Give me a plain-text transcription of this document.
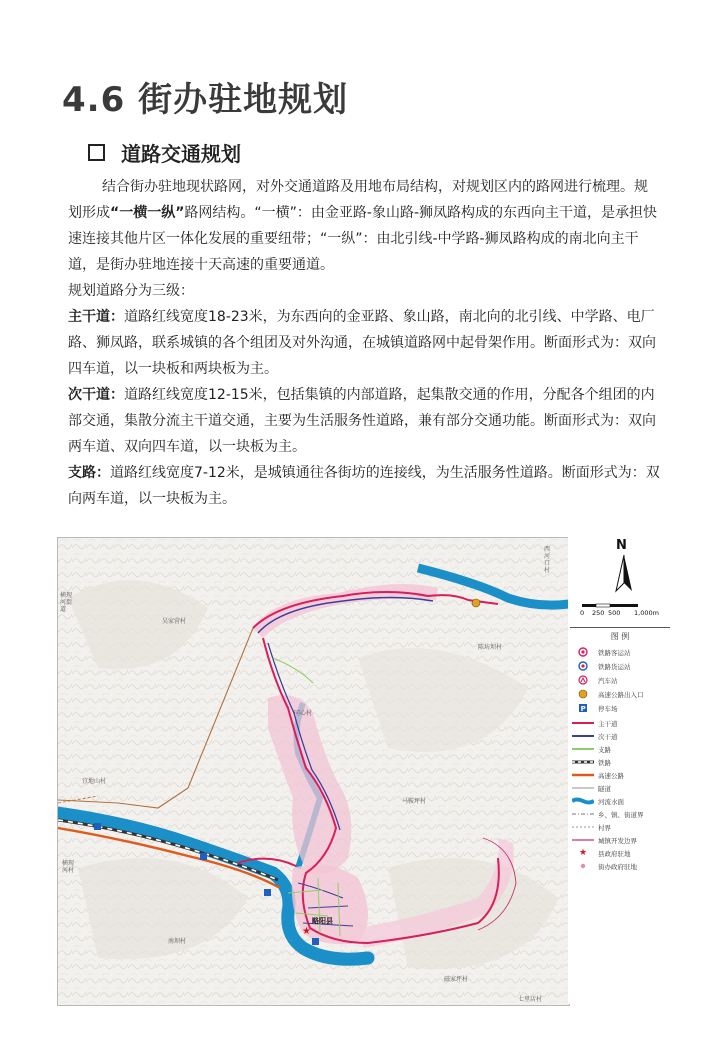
4.6 街办驻地规划
道路交通规划

结合街办驻地现状路网，对外交通道路及用地布局结构，对规划区内的路网进行梳理。规划形成“一横一纵”路网结构。“一横”：由金亚路-象山路-狮凤路构成的东西向主干道，是承担快速连接其他片区一体化发展的重要纽带；“一纵”：由北引线-中学路-狮凤路构成的南北向主干道，是街办驻地连接十天高速的重要通道。

规划道路分为三级：

主干道：道路红线宽度18-23米，为东西向的金亚路、象山路，南北向的北引线、中学路、电厂路、狮凤路，联系城镇的各个组团及对外沟通，在城镇道路网中起骨架作用。断面形式为：双向四车道，以一块板和两块板为主。

次干道：道路红线宽度12-15米，包括集镇的内部道路，起集散交通的作用，分配各个组团的内部交通，集散分流主干道交通，主要为生活服务性道路，兼有部分交通功能。断面形式为：双向两车道、双向四车道，以一块板为主。

支路：道路红线宽度7-12米，是城镇通往各街坊的连接线，为生活服务性道路。断面形式为：双向两车道，以一块板为主。

★
吴家营村
横现河街道
宜地山村
同心村
马鞍坪村
西河口村
陈坊坝村
南坝村
横现河村
磁家坪村
七里店村
略阳县
N
0 250 500 1,000m
图 例
铁路客运站
铁路货运站
汽车站
高速公路出入口
P 停车场
主干道
次干道
支路
铁路
高速公路
隧道
河流水面
乡、镇、街道界
村界
城镇开发边界
★ 县政府驻地
街办政府驻地
